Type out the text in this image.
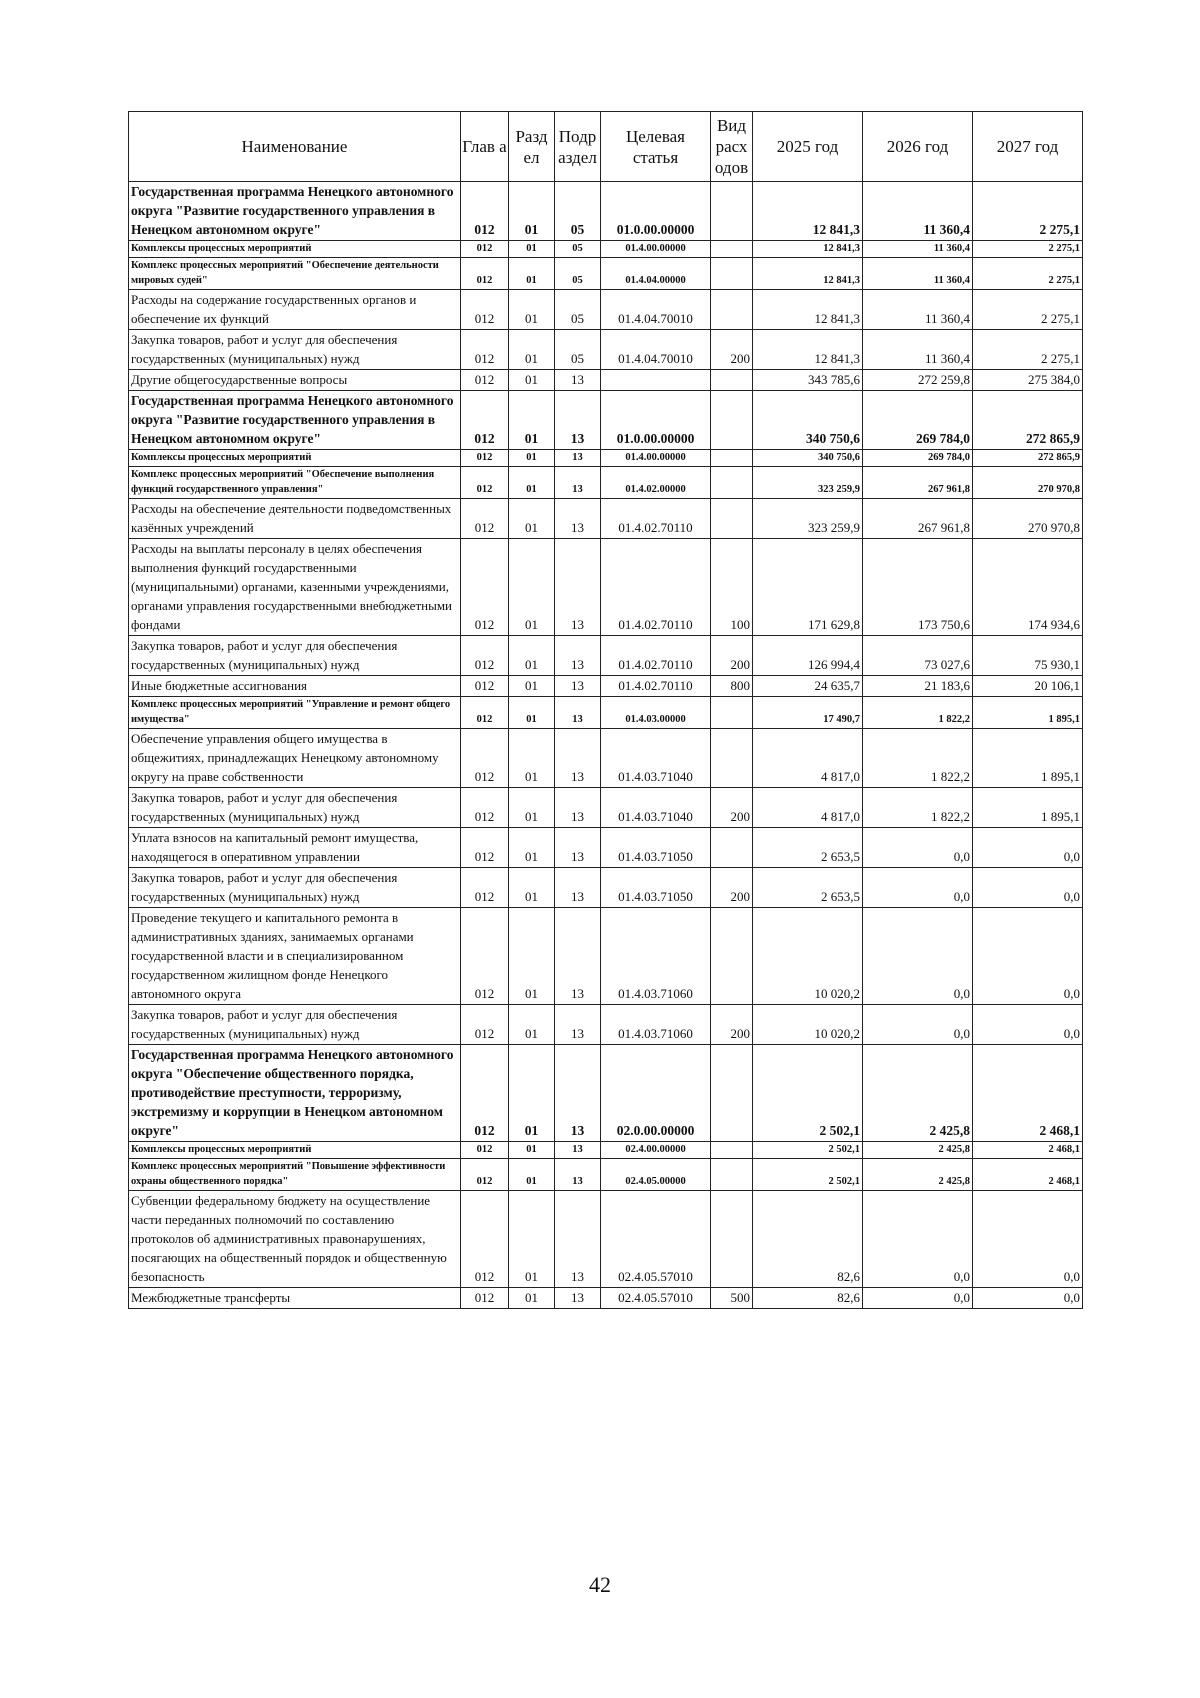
Наименование	Глав а	Разд ел	Подр аздел	Целевая статья	Вид расх одов	2025 год	2026 год	2027 год
Государственная программа Ненецкого автономного округа "Развитие государственного управления в Ненецком автономном округе"	012	01	05	01.0.00.00000		12 841,3	11 360,4	2 275,1
Комплексы процессных мероприятий	012	01	05	01.4.00.00000		12 841,3	11 360,4	2 275,1
Комплекс процессных мероприятий "Обеспечение деятельности мировых судей"	012	01	05	01.4.04.00000		12 841,3	11 360,4	2 275,1
Расходы на содержание государственных органов и обеспечение их функций	012	01	05	01.4.04.70010		12 841,3	11 360,4	2 275,1
Закупка товаров, работ и услуг для обеспечения государственных (муниципальных) нужд	012	01	05	01.4.04.70010	200	12 841,3	11 360,4	2 275,1
Другие общегосударственные вопросы	012	01	13			343 785,6	272 259,8	275 384,0
Государственная программа Ненецкого автономного округа "Развитие государственного управления в Ненецком автономном округе"	012	01	13	01.0.00.00000		340 750,6	269 784,0	272 865,9
Комплексы процессных мероприятий	012	01	13	01.4.00.00000		340 750,6	269 784,0	272 865,9
Комплекс процессных мероприятий "Обеспечение выполнения функций государственного управления"	012	01	13	01.4.02.00000		323 259,9	267 961,8	270 970,8
Расходы на обеспечение деятельности подведомственных казённых учреждений	012	01	13	01.4.02.70110		323 259,9	267 961,8	270 970,8
Расходы на выплаты персоналу в целях обеспечения выполнения функций государственными (муниципальными) органами, казенными учреждениями, органами управления государственными внебюджетными фондами	012	01	13	01.4.02.70110	100	171 629,8	173 750,6	174 934,6
Закупка товаров, работ и услуг для обеспечения государственных (муниципальных) нужд	012	01	13	01.4.02.70110	200	126 994,4	73 027,6	75 930,1
Иные бюджетные ассигнования	012	01	13	01.4.02.70110	800	24 635,7	21 183,6	20 106,1
Комплекс процессных мероприятий "Управление и ремонт общего имущества"	012	01	13	01.4.03.00000		17 490,7	1 822,2	1 895,1
Обеспечение управления общего имущества в общежитиях, принадлежащих Ненецкому автономному округу на праве собственности	012	01	13	01.4.03.71040		4 817,0	1 822,2	1 895,1
Закупка товаров, работ и услуг для обеспечения государственных (муниципальных) нужд	012	01	13	01.4.03.71040	200	4 817,0	1 822,2	1 895,1
Уплата взносов на капитальный ремонт имущества, находящегося в оперативном управлении	012	01	13	01.4.03.71050		2 653,5	0,0	0,0
Закупка товаров, работ и услуг для обеспечения государственных (муниципальных) нужд	012	01	13	01.4.03.71050	200	2 653,5	0,0	0,0
Проведение текущего и капитального ремонта в административных зданиях, занимаемых органами государственной власти и в специализированном государственном жилищном фонде Ненецкого автономного округа	012	01	13	01.4.03.71060		10 020,2	0,0	0,0
Закупка товаров, работ и услуг для обеспечения государственных (муниципальных) нужд	012	01	13	01.4.03.71060	200	10 020,2	0,0	0,0
Государственная программа Ненецкого автономного округа "Обеспечение общественного порядка, противодействие преступности, терроризму, экстремизму и коррупции в Ненецком автономном округе"	012	01	13	02.0.00.00000		2 502,1	2 425,8	2 468,1
Комплексы процессных мероприятий	012	01	13	02.4.00.00000		2 502,1	2 425,8	2 468,1
Комплекс процессных мероприятий "Повышение эффективности охраны общественного порядка"	012	01	13	02.4.05.00000		2 502,1	2 425,8	2 468,1
Субвенции федеральному бюджету на осуществление части переданных полномочий по составлению протоколов об административных правонарушениях, посягающих на общественный порядок и общественную безопасность	012	01	13	02.4.05.57010		82,6	0,0	0,0
Межбюджетные трансферты	012	01	13	02.4.05.57010	500	82,6	0,0	0,0
42
